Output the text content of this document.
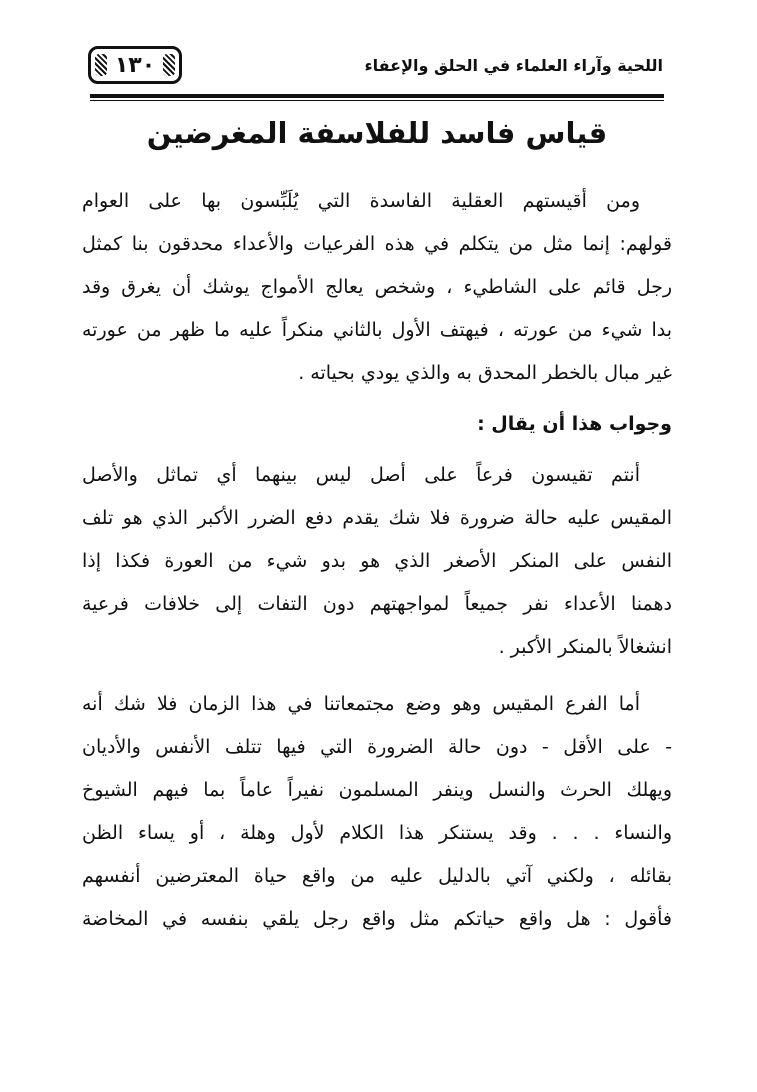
١٣٠	اللحية وآراء العلماء في الحلق والإعفاء
قياس فاسد للفلاسفة المغرضين
ومن أقيستهم العقلية الفاسدة التي يُلَبِّسون بها على العوام
قولهم: إنما مثل من يتكلم في هذه الفرعيات والأعداء محدقون بنا كمثل
رجل قائم على الشاطيء ، وشخص يعالج الأمواج يوشك أن يغرق وقد
بدا شيء من عورته ، فيهتف الأول بالثاني منكراً عليه ما ظهر من عورته
غير مبال بالخطر المحدق به والذي يودي بحياته .
وجواب هذا أن يقال :
أنتم تقيسون فرعاً على أصل ليس بينهما أي تماثل والأصل
المقيس عليه حالة ضرورة فلا شك يقدم دفع الضرر الأكبر الذي هو تلف
النفس على المنكر الأصغر الذي هو بدو شيء من العورة فكذا إذا
دهمنا الأعداء نفر جميعاً لمواجهتهم دون التفات إلى خلافات فرعية
انشغالاً بالمنكر الأكبر .
أما الفرع المقيس وهو وضع مجتمعاتنا في هذا الزمان فلا شك أنه
- على الأقل - دون حالة الضرورة التي فيها تتلف الأنفس والأديان
ويهلك الحرث والنسل وينفر المسلمون نفيراً عاماً بما فيهم الشيوخ
والنساء . . . وقد يستنكر هذا الكلام لأول وهلة ، أو يساء الظن
بقائله ، ولكني آتي بالدليل عليه من واقع حياة المعترضين أنفسهم
فأقول : هل واقع حياتكم مثل واقع رجل يلقي بنفسه في المخاضة
